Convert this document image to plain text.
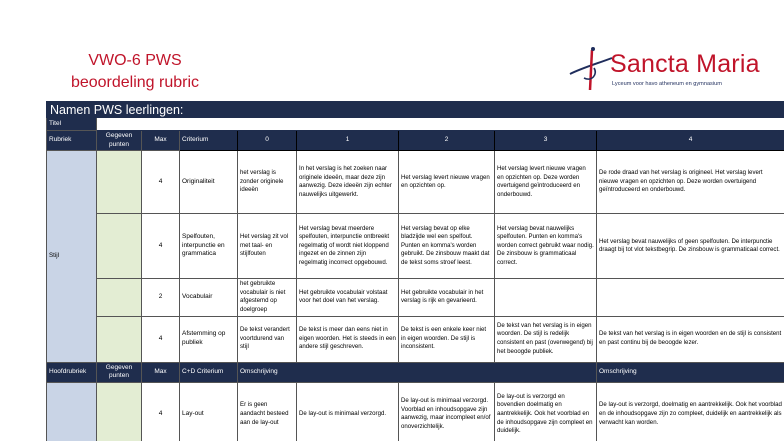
VWO-6 PWS
beoordeling rubric
Sancta Maria
Lyceum voor havo atheneum en gymnasium
Namen PWS leerlingen:								
Titel								
Rubriek	Gegeven punten	Max	Criterium	0	1	2	3	4
Stijl		4	Originaliteit	het verslag is zonder originele ideeën	In het verslag is het zoeken naar originele ideeën, maar deze zijn aanwezig. Deze ideeën zijn echter nauwelijks uitgewerkt.	Het verslag levert nieuwe vragen en opzichten op.	Het verslag levert nieuwe vragen en opzichten op. Deze worden overtuigend geïntroduceerd en onderbouwd.	De rode draad van het verslag is origineel. Het verslag levert nieuwe vragen en opzichten op. Deze worden overtuigend geïntroduceerd en onderbouwd.
		4	Spelfouten, interpunctie en grammatica	Het verslag zit vol met taal- en stijlfouten	Het verslag bevat meerdere spelfouten, interpunctie ontbreekt regelmatig of wordt niet kloppend ingezet en de zinnen zijn regelmatig incorrect opgebouwd.	Het verslag bevat op elke bladzijde wel een spelfout. Punten en komma's worden gebruikt. De zinsbouw maakt dat de tekst soms stroef leest.	Het verslag bevat nauwelijks spelfouten. Punten en komma's worden correct gebruikt waar nodig. De zinsbouw is grammaticaal correct.	Het verslag bevat nauwelijks of geen spelfouten. De interpunctie draagt bij tot vlot tekstbegrip. De zinsbouw is grammaticaal correct.
		2	Vocabulair	het gebruikte vocabulair is niet afgestemd op doelgroep	Het gebruikte vocabulair volstaat voor het doel van het verslag.	Het gebruikte vocabulair in het verslag is rijk en gevarieerd.		
		4	Afstemming op publiek	De tekst verandert voortdurend van stijl	De tekst is meer dan eens niet in eigen woorden. Het is steeds in een andere stijl geschreven.	De tekst is een enkele keer niet in eigen woorden. De stijl is inconsistent.	De tekst van het verslag is in eigen woorden. De stijl is redelijk consistent en past (overwegend) bij het beoogde publiek.	De tekst van het verslag is in eigen woorden en de stijl is consistent en past continu bij de beoogde lezer.
Hoofdrubriek	Gegeven punten	Max	C+D Criterium	Omschrijving				Omschrijving
		4	Lay-out	Er is geen aandacht besteed aan de lay-out	De lay-out is minimaal verzorgd.	De lay-out is minimaal verzorgd. Voorblad en inhoudsopgave zijn aanwezig, maar incompleet en/of onoverzichtelijk.	De lay-out is verzorgd en bovendien doelmatig en aantrekkelijk. Ook het voorblad en de inhoudsopgave zijn compleet en duidelijk.	De lay-out is verzorgd, doelmatig en aantrekkelijk. Ook het voorblad en de inhoudsopgave zijn zo compleet, duidelijk en aantrekkelijk als verwacht kan worden.
